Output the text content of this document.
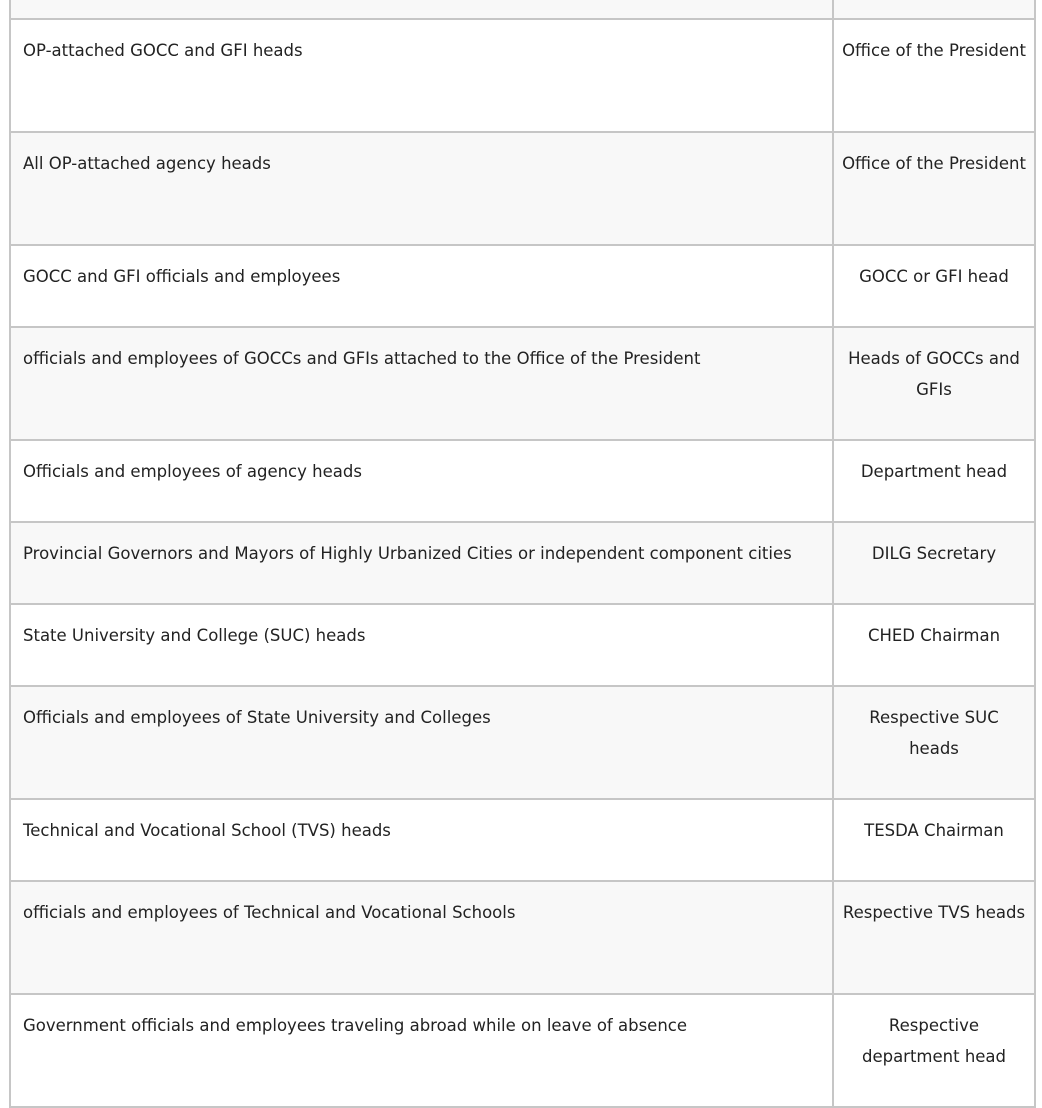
OP-attached GOCC and GFI heads	Office of the President
All OP-attached agency heads	Office of the President
GOCC and GFI officials and employees	GOCC or GFI head
officials and employees of GOCCs and GFIs attached to the Office of the President	Heads of GOCCs and GFIs
Officials and employees of agency heads	Department head
Provincial Governors and Mayors of Highly Urbanized Cities or independent component cities	DILG Secretary
State University and College (SUC) heads	CHED Chairman
Officials and employees of State University and Colleges	Respective SUC heads
Technical and Vocational School (TVS) heads	TESDA Chairman
officials and employees of Technical and Vocational Schools	Respective TVS heads
Government officials and employees traveling abroad while on leave of absence	Respective department head
